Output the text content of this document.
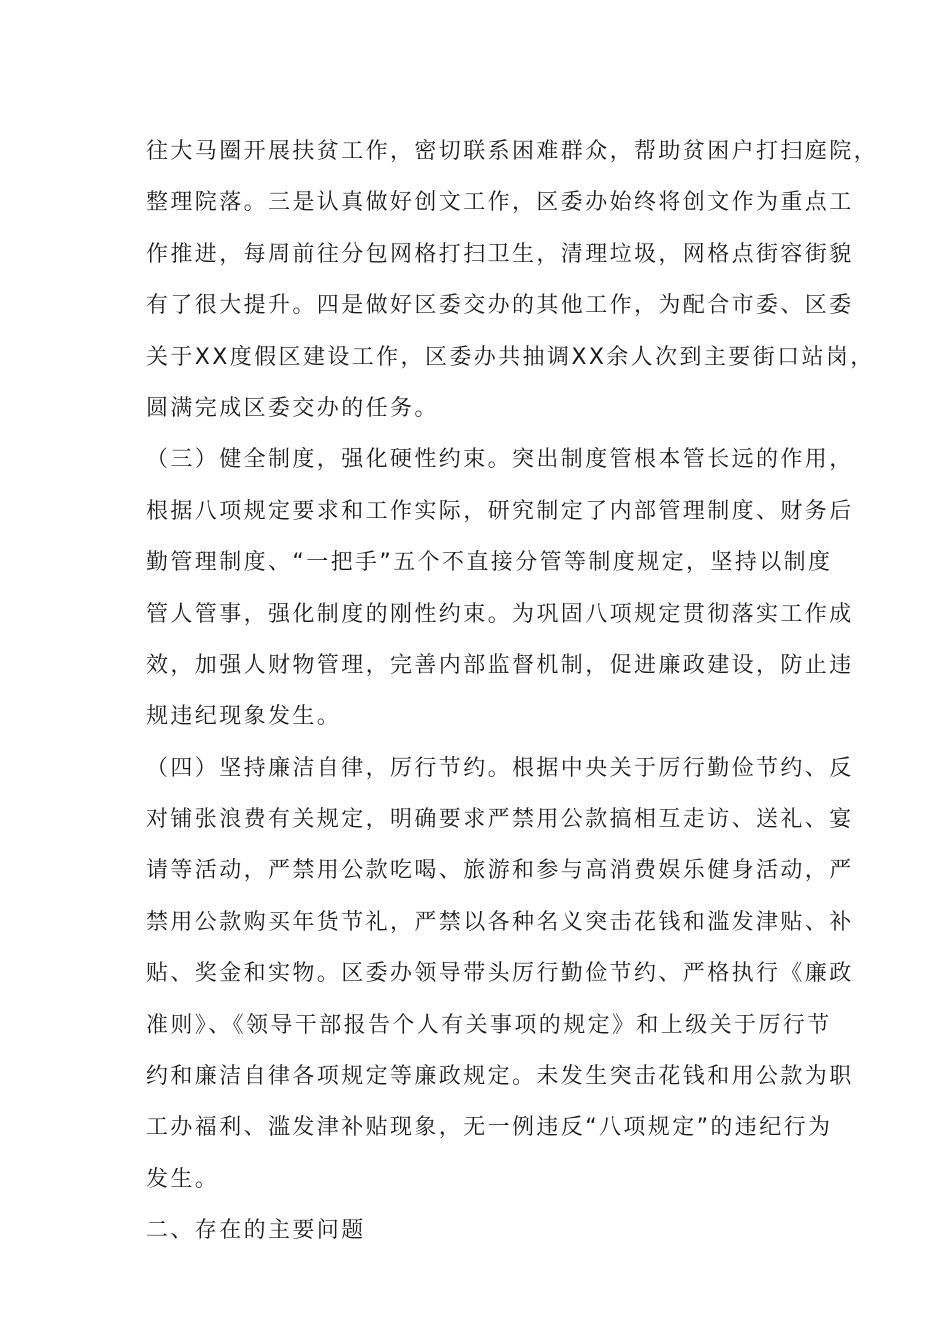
往大马圈开展扶贫工作，密切联系困难群众，帮助贫困户打扫庭院，
整理院落。三是认真做好创文工作，区委办始终将创文作为重点工
作推进，每周前往分包网格打扫卫生，清理垃圾，网格点街容街貌
有了很大提升。四是做好区委交办的其他工作，为配合市委、区委
关于XX度假区建设工作，区委办共抽调XX余人次到主要街口站岗，
圆满完成区委交办的任务。
（三）健全制度，强化硬性约束。突出制度管根本管长远的作用，
根据八项规定要求和工作实际，研究制定了内部管理制度、财务后
勤管理制度、“一把手”五个不直接分管等制度规定，坚持以制度
管人管事，强化制度的刚性约束。为巩固八项规定贯彻落实工作成
效，加强人财物管理，完善内部监督机制，促进廉政建设，防止违
规违纪现象发生。
（四）坚持廉洁自律，厉行节约。根据中央关于厉行勤俭节约、反
对铺张浪费有关规定，明确要求严禁用公款搞相互走访、送礼、宴
请等活动，严禁用公款吃喝、旅游和参与高消费娱乐健身活动，严
禁用公款购买年货节礼，严禁以各种名义突击花钱和滥发津贴、补
贴、奖金和实物。区委办领导带头厉行勤俭节约、严格执行《廉政
准则》、《领导干部报告个人有关事项的规定》和上级关于厉行节
约和廉洁自律各项规定等廉政规定。未发生突击花钱和用公款为职
工办福利、滥发津补贴现象，无一例违反“八项规定”的违纪行为
发生。
二、存在的主要问题
